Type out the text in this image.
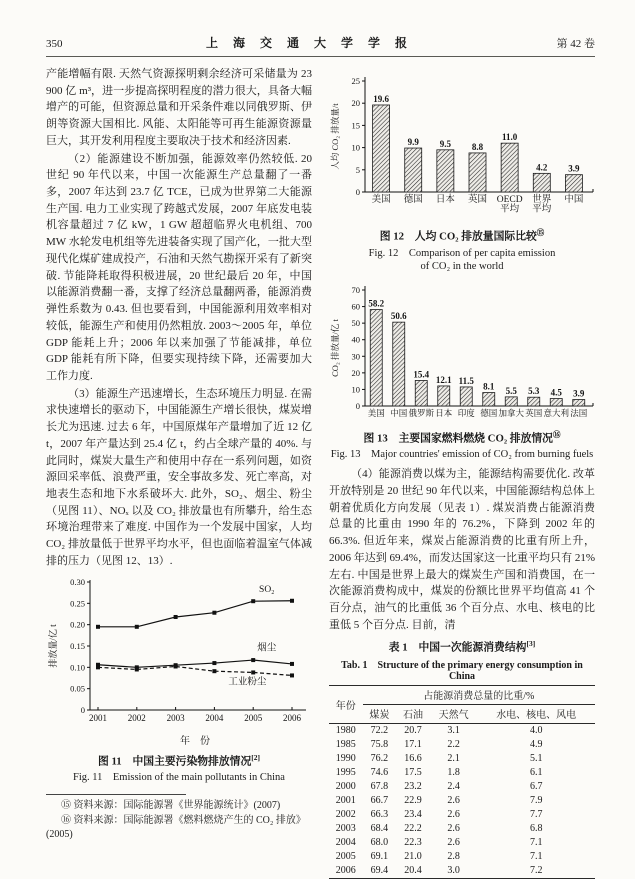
350	上 海 交 通 大 学 学 报	第 42 卷

产能增幅有限. 天然气资源探明剩余经济可采储量为 23 900 亿 m³，进一步提高探明程度的潜力很大，具备大幅增产的可能，但资源总量和开采条件难以同俄罗斯、伊朗等资源大国相比. 风能、太阳能等可再生能源资源量巨大，其开发利用程度主要取决于技术和经济因素.

（2）能源建设不断加强，能源效率仍然较低. 20 世纪 90 年代以来，中国一次能源生产总量翻了一番多，2007 年达到 23.7 亿 TCE，已成为世界第二大能源生产国. 电力工业实现了跨越式发展，2007 年底发电装机容量超过 7 亿 kW，1 GW 超超临界火电机组、700 MW 水轮发电机组等先进装备实现了国产化，一批大型现代化煤矿建成投产，石油和天然气勘探开采有了新突破. 节能降耗取得积极进展，20 世纪最后 20 年，中国以能源消费翻一番，支撑了经济总量翻两番，能源消费弹性系数为 0.43. 但也要看到，中国能源利用效率相对较低，能源生产和使用仍然粗放. 2003～2005 年，单位 GDP 能耗上升；2006 年以来加强了节能减排，单位 GDP 能耗有所下降，但要实现持续下降，还需要加大工作力度.

（3）能源生产迅速增长，生态环境压力明显. 在需求快速增长的驱动下，中国能源生产增长很快，煤炭增长尤为迅速. 过去 6 年，中国原煤年产量增加了近 12 亿 t，2007 年产量达到 25.4 亿 t，约占全球产量的 40%. 与此同时，煤炭大量生产和使用中存在一系列问题，如资源回采率低、浪费严重，安全事故多发、死亡率高，对地表生态和地下水系破坏大. 此外，SO₂、烟尘、粉尘（见图 11）、NOₓ 以及 CO₂ 排放量也有所攀升，给生态环境治理带来了难度. 中国作为一个发展中国家，人均 CO₂ 排放量低于世界平均水平，但也面临着温室气体减排的压力（见图 12、13）.

0
0.05
0.10
0.15
0.20
0.25
0.30
排放量/亿 t
2001 2002 2003 2004 2005 2006
年　份
SO₂
烟尘
工业粉尘
图 11　中国主要污染物排放情况[2]
Fig. 11　Emission of the main pollutants in China

⑮ 资料来源：国际能源署《世界能源统计》(2007)

⑯ 资料来源：国际能源署《燃料燃烧产生的 CO₂ 排放》(2005)

0
5
10
15
20
25
人均 CO₂ 排放量/t
19.6
美国
9.9
德国
9.5
日本
8.8
英国
11.0
OECD
平均
4.2
世界
平均
3.9
中国
图 12　人均 CO₂ 排放量国际比较⑮
Fig. 12　Comparison of per capita emission
of CO₂ in the world
0
10
20
30
40
50
60
70
CO₂ 排放量/亿 t
58.2
美国
50.6
中国
15.4
俄罗斯
12.1
日本
11.5
印度
8.1
德国
5.5
加拿大
5.3
英国
4.5
意大利
3.9
法国
图 13　主要国家燃料燃烧 CO₂ 排放情况⑯
Fig. 13　Major countries' emission of CO₂ from burning fuels

（4）能源消费以煤为主，能源结构需要优化. 改革开放特别是 20 世纪 90 年代以来，中国能源结构总体上朝着优质化方向发展（见表 1）. 煤炭消费占能源消费总量的比重由 1990 年的 76.2%，下降到 2002 年的 66.3%. 但近年来，煤炭占能源消费的比重有所上升，2006 年达到 69.4%，而发达国家这一比重平均只有 21%左右. 中国是世界上最大的煤炭生产国和消费国，在一次能源消费构成中，煤炭的份额比世界平均值高 41 个百分点，油气的比重低 36 个百分点、水电、核电的比重低 5 个百分点. 目前，清

表 1　中国一次能源消费结构[3]
Tab. 1　Structure of the primary energy consumption in China
年份	占能源消费总量的比重/%			
	煤炭	石油	天然气	水电、核电、风电
1980	72.2	20.7	3.1	4.0
1985	75.8	17.1	2.2	4.9
1990	76.2	16.6	2.1	5.1
1995	74.6	17.5	1.8	6.1
2000	67.8	23.2	2.4	6.7
2001	66.7	22.9	2.6	7.9
2002	66.3	23.4	2.6	7.7
2003	68.4	22.2	2.6	6.8
2004	68.0	22.3	2.6	7.1
2005	69.1	21.0	2.8	7.1
2006	69.4	20.4	3.0	7.2
